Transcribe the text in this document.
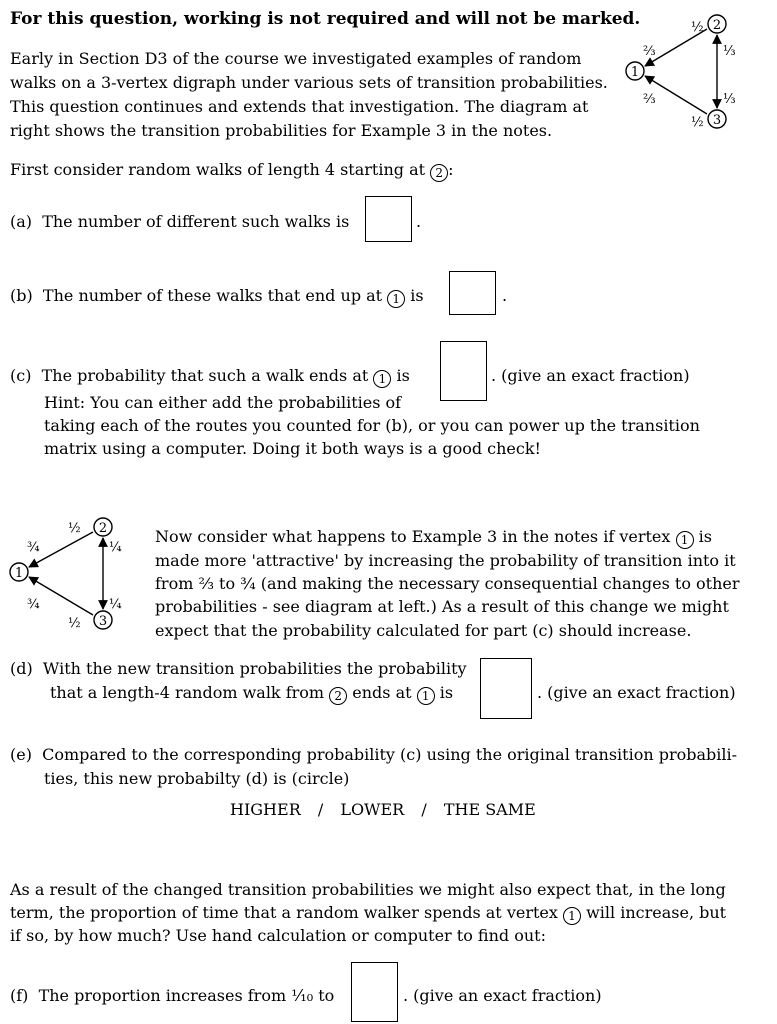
For this question, working is not required and will not be marked.
Early in Section D3 of the course we investigated examples of random
walks on a 3-vertex digraph under various sets of transition probabilities.
This question continues and extends that investigation. The diagram at
right shows the transition probabilities for Example 3 in the notes.
2
1
3
½
⅔	⅓
⅔	⅓
½
First consider random walks of length 4 starting at 2 :
(a) The number of different such walks is	.
(b) The number of these walks that end up at 1 is	.
(c) The probability that such a walk ends at 1 is	. (give an exact fraction)
Hint: You can either add the probabilities of
taking each of the routes you counted for (b), or you can power up the transition
matrix using a computer. Doing it both ways is a good check!
2
1
3
½
¾	¼
¾	¼
½
Now consider what happens to Example 3 in the notes if vertex 1 is
made more 'attractive' by increasing the probability of transition into it
from ⅔ to ¾ (and making the necessary consequential changes to other
probabilities - see diagram at left.) As a result of this change we might
expect that the probability calculated for part (c) should increase.
(d) With the new transition probabilities the probability
that a length-4 random walk from 2 ends at 1 is	. (give an exact fraction)
(e) Compared to the corresponding probability (c) using the original transition probabili-
ties, this new probabilty (d) is (circle)
HIGHER / LOWER / THE SAME
As a result of the changed transition probabilities we might also expect that, in the long
term, the proportion of time that a random walker spends at vertex 1 will increase, but
if so, by how much? Use hand calculation or computer to find out:
(f) The proportion increases from ⅒ to	. (give an exact fraction)
